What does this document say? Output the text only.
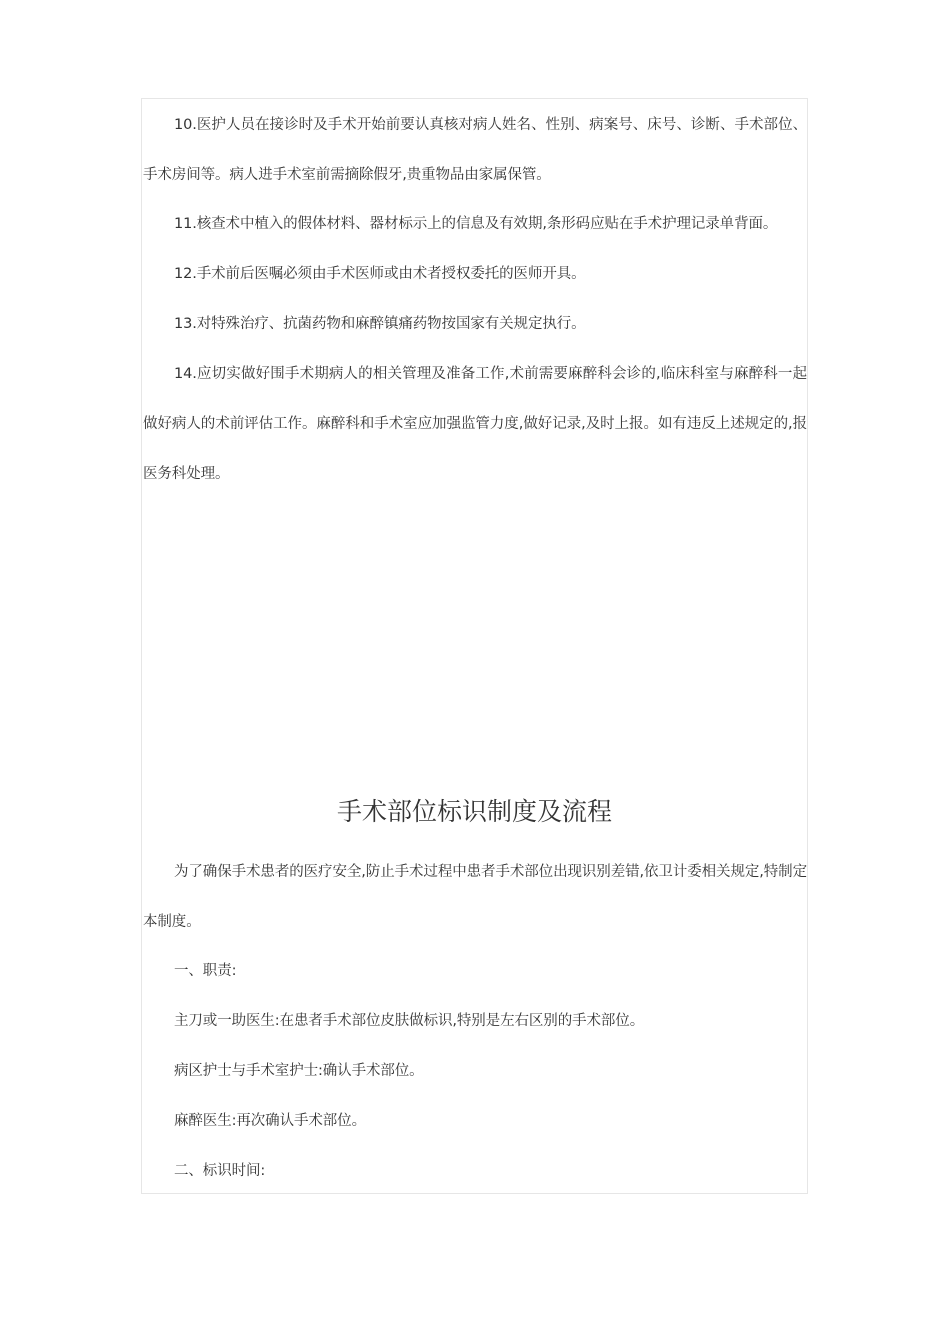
10.医护人员在接诊时及手术开始前要认真核对病人姓名、性别、病案号、床号、诊断、手术部位、手术房间等。病人进手术室前需摘除假牙,贵重物品由家属保管。

11.核查术中植入的假体材料、器材标示上的信息及有效期,条形码应贴在手术护理记录单背面。

12.手术前后医嘱必须由手术医师或由术者授权委托的医师开具。

13.对特殊治疗、抗菌药物和麻醉镇痛药物按国家有关规定执行。

14.应切实做好围手术期病人的相关管理及准备工作,术前需要麻醉科会诊的,临床科室与麻醉科一起做好病人的术前评估工作。麻醉科和手术室应加强监管力度,做好记录,及时上报。如有违反上述规定的,报医务科处理。

手术部位标识制度及流程

为了确保手术患者的医疗安全,防止手术过程中患者手术部位出现识别差错,依卫计委相关规定,特制定本制度。

一、职责:

主刀或一助医生:在患者手术部位皮肤做标识,特别是左右区别的手术部位。

病区护士与手术室护士:确认手术部位。

麻醉医生:再次确认手术部位。

二、标识时间:
